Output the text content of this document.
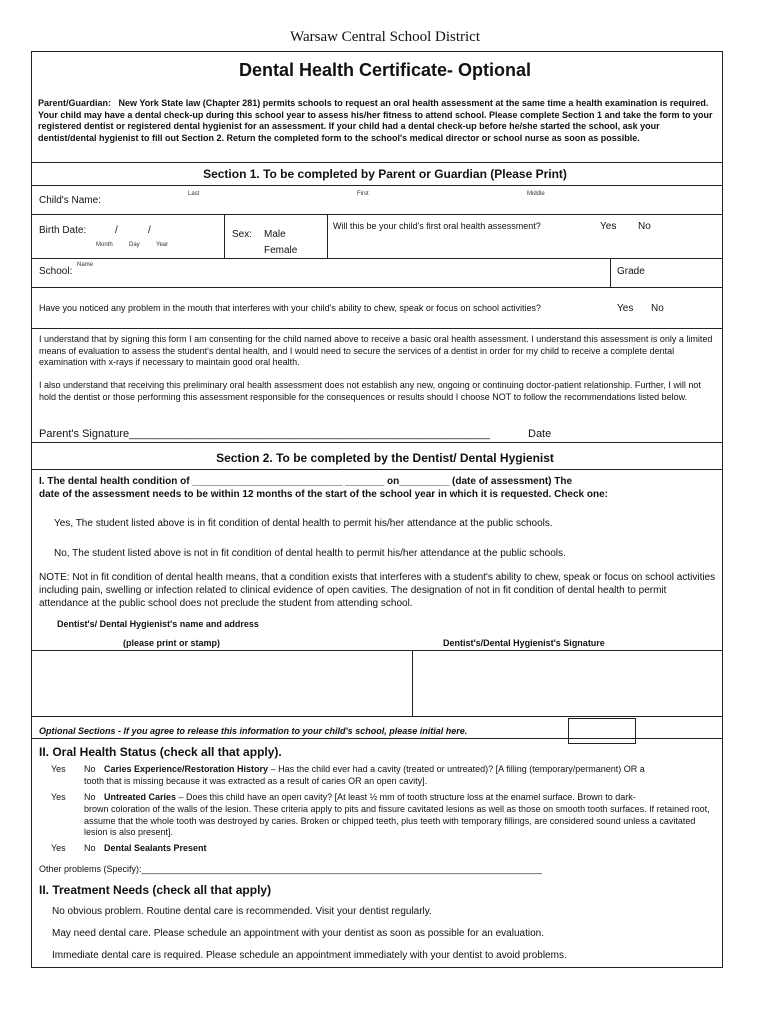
Warsaw Central School District
Dental Health Certificate- Optional
Parent/Guardian: New York State law (Chapter 281) permits schools to request an oral health assessment at the same time a health examination is required. Your child may have a dental check-up during this school year to assess his/her fitness to attend school. Please complete Section 1 and take the form to your registered dentist or registered dental hygienist for an assessment. If your child had a dental check-up before he/she started the school, ask your dentist/dental hygienist to fill out Section 2. Return the completed form to the school's medical director or school nurse as soon as possible.
Section 1. To be completed by Parent or Guardian (Please Print)
Child's Name:
Last	First	Middle
Birth Date:	/	/
Month	Day	Year
Sex: Male
Female
Will this be your child's first oral health assessment?	Yes No
School:
Name
Grade
Have you noticed any problem in the mouth that interferes with your child's ability to chew, speak or focus on school activities?	Yes No
I understand that by signing this form I am consenting for the child named above to receive a basic oral health assessment. I understand this assessment is only a limited means of evaluation to assess the student's dental health, and I would need to secure the services of a dentist in order for my child to receive a complete dental examination with x-rays if necessary to maintain good oral health.
I also understand that receiving this preliminary oral health assessment does not establish any new, ongoing or continuing doctor-patient relationship. Further, I will not hold the dentist or those performing this assessment responsible for the consequences or results should I choose NOT to follow the recommendations listed below.
Parent's Signature___________________________________________________________	Date
Section 2. To be completed by the Dentist/ Dental Hygienist
I. The dental health condition of ___________________________ _______ on_________ (date of assessment) The
date of the assessment needs to be within 12 months of the start of the school year in which it is requested. Check one:
Yes, The student listed above is in fit condition of dental health to permit his/her attendance at the public schools.
No, The student listed above is not in fit condition of dental health to permit his/her attendance at the public schools.
NOTE: Not in fit condition of dental health means, that a condition exists that interferes with a student's ability to chew, speak or focus on school activities including pain, swelling or infection related to clinical evidence of open cavities. The designation of not in fit condition of dental health to permit attendance at the public school does not preclude the student from attending school.
Dentist's/ Dental Hygienist's name and address
(please print or stamp)	Dentist's/Dental Hygienist's Signature
Optional Sections - If you agree to release this information to your child's school, please initial here.
II. Oral Health Status (check all that apply).
Yes No Caries Experience/Restoration History – Has the child ever had a cavity (treated or untreated)? [A filling (temporary/permanent) OR a
tooth that is missing because it was extracted as a result of caries OR an open cavity].
Yes No Untreated Caries – Does this child have an open cavity? [At least ½ mm of tooth structure loss at the enamel surface. Brown to dark-
brown coloration of the walls of the lesion. These criteria apply to pits and fissure cavitated lesions as well as those on smooth tooth surfaces. If retained root, assume that the whole tooth was destroyed by caries. Broken or chipped teeth, plus teeth with temporary fillings, are considered sound unless a cavitated lesion is also present].
Yes No Dental Sealants Present
Other problems (Specify):________________________________________________________________________________
II. Treatment Needs (check all that apply)
No obvious problem. Routine dental care is recommended. Visit your dentist regularly.
May need dental care. Please schedule an appointment with your dentist as soon as possible for an evaluation.
Immediate dental care is required. Please schedule an appointment immediately with your dentist to avoid problems.
